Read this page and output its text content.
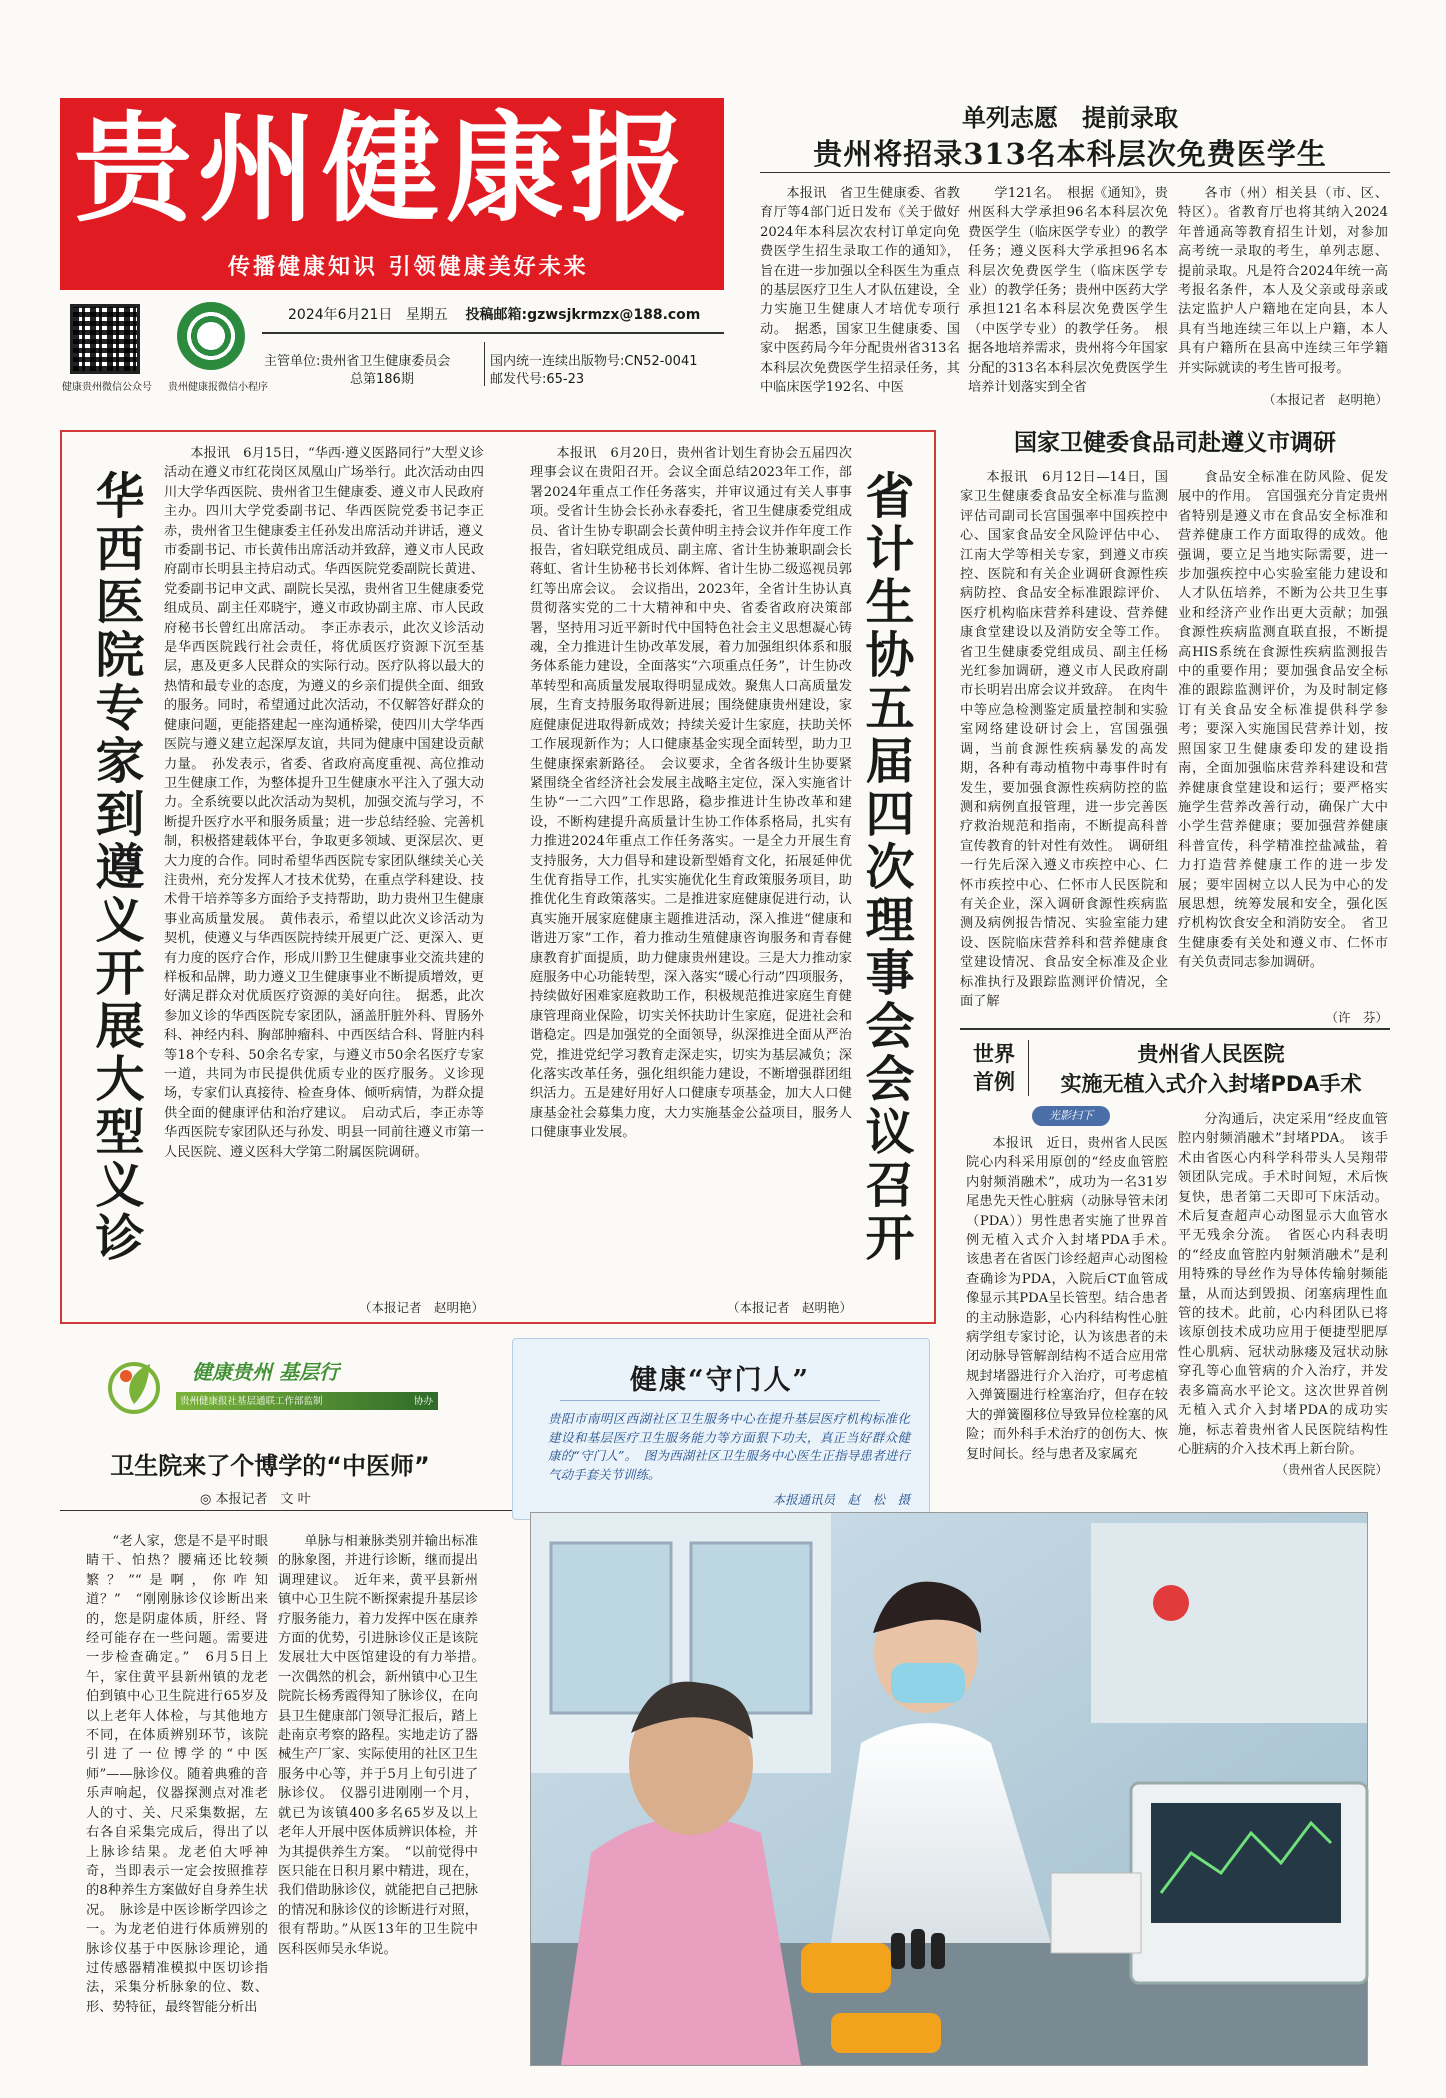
贵州健康报
传播健康知识 引领健康美好未来
健康贵州微信公众号 贵州健康报微信小程序
2024年6月21日 星期五 投稿邮箱:gzwsjkrmzx@188.com
主管单位:贵州省卫生健康委员会
总第186期
国内统一连续出版物号:CN52-0041
邮发代号:65-23
单列志愿　提前录取
贵州将招录313名本科层次免费医学生

本报讯　省卫生健康委、省教育厅等4部门近日发布《关于做好2024年本科层次农村订单定向免费医学生招生录取工作的通知》，旨在进一步加强以全科医生为重点的基层医疗卫生人才队伍建设，全力实施卫生健康人才培优专项行动。　据悉，国家卫生健康委、国家中医药局今年分配贵州省313名本科层次免费医学生招录任务，其中临床医学192名、中医

学121名。　根据《通知》，贵州医科大学承担96名本科层次免费医学生（临床医学专业）的教学任务；遵义医科大学承担96名本科层次免费医学生（临床医学专业）的教学任务；贵州中医药大学承担121名本科层次免费医学生（中医学专业）的教学任务。　根据各地培养需求，贵州将今年国家分配的313名本科层次免费医学生培养计划落实到全省

各市（州）相关县（市、区、特区）。省教育厅也将其纳入2024年普通高等教育招生计划，对参加高考统一录取的考生，单列志愿、提前录取。凡是符合2024年统一高考报名条件，本人及父亲或母亲或法定监护人户籍地在定向县，本人具有当地连续三年以上户籍，本人具有户籍所在县高中连续三年学籍并实际就读的考生皆可报考。

（本报记者　赵明艳）
华西医院专家到遵义开展大型义诊

本报讯　6月15日，“华西·遵义医路同行”大型义诊活动在遵义市红花岗区凤凰山广场举行。此次活动由四川大学华西医院、贵州省卫生健康委、遵义市人民政府主办。四川大学党委副书记、华西医院党委书记李正赤，贵州省卫生健康委主任孙发出席活动并讲话，遵义市委副书记、市长黄伟出席活动并致辞，遵义市人民政府副市长明县主持启动式。华西医院党委副院长黄进、党委副书记申文武、副院长吴泓，贵州省卫生健康委党组成员、副主任邓晓宇，遵义市政协副主席、市人民政府秘书长曾红出席活动。　李正赤表示，此次义诊活动是华西医院践行社会责任，将优质医疗资源下沉至基层，惠及更多人民群众的实际行动。医疗队将以最大的热情和最专业的态度，为遵义的乡亲们提供全面、细致的服务。同时，希望通过此次活动，不仅解答好群众的健康问题，更能搭建起一座沟通桥梁，使四川大学华西医院与遵义建立起深厚友谊，共同为健康中国建设贡献力量。　孙发表示，省委、省政府高度重视、高位推动卫生健康工作，为整体提升卫生健康水平注入了强大动力。全系统要以此次活动为契机，加强交流与学习，不断提升医疗水平和服务质量；进一步总结经验、完善机制，积极搭建载体平台，争取更多领域、更深层次、更大力度的合作。同时希望华西医院专家团队继续关心关注贵州，充分发挥人才技术优势，在重点学科建设、技术骨干培养等多方面给予支持帮助，助力贵州卫生健康事业高质量发展。　黄伟表示，希望以此次义诊活动为契机，使遵义与华西医院持续开展更广泛、更深入、更有力度的医疗合作，形成川黔卫生健康事业交流共建的样板和品牌，助力遵义卫生健康事业不断提质增效，更好满足群众对优质医疗资源的美好向往。　据悉，此次参加义诊的华西医院专家团队，涵盖肝脏外科、胃肠外科、神经内科、胸部肿瘤科、中西医结合科、肾脏内科等18个专科、50余名专家，与遵义市50余名医疗专家一道，共同为市民提供优质专业的医疗服务。义诊现场，专家们认真接待、检查身体、倾听病情，为群众提供全面的健康评估和治疗建议。　启动式后，李正赤等华西医院专家团队还与孙发、明县一同前往遵义市第一人民医院、遵义医科大学第二附属医院调研。

（本报记者　赵明艳）

本报讯　6月20日，贵州省计划生育协会五届四次理事会议在贵阳召开。会议全面总结2023年工作，部署2024年重点工作任务落实，并审议通过有关人事事项。受省计生协会长孙永春委托，省卫生健康委党组成员、省计生协专职副会长黄仲明主持会议并作年度工作报告，省妇联党组成员、副主席、省计生协兼职副会长蒋虹、省计生协秘书长刘体辉、省计生协二级巡视员郭红等出席会议。　会议指出，2023年，全省计生协认真贯彻落实党的二十大精神和中央、省委省政府决策部署，坚持用习近平新时代中国特色社会主义思想凝心铸魂，全力推进计生协改革发展，着力加强组织体系和服务体系能力建设，全面落实“六项重点任务”，计生协改革转型和高质量发展取得明显成效。聚焦人口高质量发展，生育支持服务取得新进展；围绕健康贵州建设，家庭健康促进取得新成效；持续关爱计生家庭，扶助关怀工作展现新作为；人口健康基金实现全面转型，助力卫生健康探索新路径。　会议要求，全省各级计生协要紧紧围绕全省经济社会发展主战略主定位，深入实施省计生协“一二六四”工作思路，稳步推进计生协改革和建设，不断构建提升高质量计生协工作体系格局，扎实有力推进2024年重点工作任务落实。一是全力开展生育支持服务，大力倡导和建设新型婚育文化，拓展延伸优生优育指导工作，扎实实施优化生育政策服务项目，助推优化生育政策落实。二是推进家庭健康促进行动，认真实施开展家庭健康主题推进活动，深入推进“健康和谐进万家”工作，着力推动生殖健康咨询服务和青春健康教育扩面提质，助力健康贵州建设。三是大力推动家庭服务中心功能转型，深入落实“暖心行动”四项服务，持续做好困难家庭救助工作，积极规范推进家庭生育健康管理商业保险，切实关怀扶助计生家庭，促进社会和谐稳定。四是加强党的全面领导，纵深推进全面从严治党，推进党纪学习教育走深走实，切实为基层减负；深化落实改革任务，强化组织能力建设，不断增强群团组织活力。五是建好用好人口健康专项基金，加大人口健康基金社会募集力度，大力实施基金公益项目，服务人口健康事业发展。

（本报记者　赵明艳）
省计生协五届四次理事会会议召开
国家卫健委食品司赴遵义市调研

本报讯　6月12日—14日，国家卫生健康委食品安全标准与监测评估司副司长宫国强率中国疾控中心、国家食品安全风险评估中心、江南大学等相关专家，到遵义市疾控、医院和有关企业调研食源性疾病防控、食品安全标准跟踪评价、医疗机构临床营养科建设、营养健康食堂建设以及消防安全等工作。省卫生健康委党组成员、副主任杨光红参加调研，遵义市人民政府副市长明岩出席会议并致辞。　在肉牛中等应急检测鉴定质量控制和实验室网络建设研讨会上，宫国强强调，当前食源性疾病暴发的高发期，各种有毒动植物中毒事件时有发生，要加强食源性疾病防控的监测和病例直报管理，进一步完善医疗救治规范和指南，不断提高科普宣传教育的针对性有效性。　调研组一行先后深入遵义市疾控中心、仁怀市疾控中心、仁怀市人民医院和有关企业，深入调研食源性疾病监测及病例报告情况、实验室能力建设、医院临床营养科和营养健康食堂建设情况、食品安全标准及企业标准执行及跟踪监测评价情况，全面了解

食品安全标准在防风险、促发展中的作用。　宫国强充分肯定贵州省特别是遵义市在食品安全标准和营养健康工作方面取得的成效。他强调，要立足当地实际需要，进一步加强疾控中心实验室能力建设和人才队伍培养，不断为公共卫生事业和经济产业作出更大贡献；加强食源性疾病监测直联直报，不断提高HIS系统在食源性疾病监测报告中的重要作用；要加强食品安全标准的跟踪监测评价，为及时制定修订有关食品安全标准提供科学参考；要深入实施国民营养计划，按照国家卫生健康委印发的建设指南，全面加强临床营养科建设和营养健康食堂建设和运行；要严格实施学生营养改善行动，确保广大中小学生营养健康；要加强营养健康科普宣传，科学精准控盐减盐，着力打造营养健康工作的进一步发展；要牢固树立以人民为中心的发展思想，统筹发展和安全，强化医疗机构饮食安全和消防安全。　省卫生健康委有关处和遵义市、仁怀市有关负责同志参加调研。

（许　芬）
世界
首例
贵州省人民医院
实施无植入式介入封堵PDA手术
光影扫下

本报讯　近日，贵州省人民医院心内科采用原创的“经皮血管腔内射频消融术”，成功为一名31岁尾患先天性心脏病（动脉导管未闭（PDA））男性患者实施了世界首例无植入式介入封堵PDA手术。　该患者在省医门诊经超声心动图检查确诊为PDA，入院后CT血管成像显示其PDA呈长管型。结合患者的主动脉造影，心内科结构性心脏病学组专家讨论，认为该患者的未闭动脉导管解剖结构不适合应用常规封堵器进行介入治疗，可考虑植入弹簧圈进行栓塞治疗，但存在较大的弹簧圈移位导致异位栓塞的风险；而外科手术治疗的创伤大、恢复时间长。经与患者及家属充

分沟通后，决定采用“经皮血管腔内射频消融术”封堵PDA。　该手术由省医心内科学科带头人吴翔带领团队完成。手术时间短，术后恢复快，患者第二天即可下床活动。术后复查超声心动图显示大血管水平无残余分流。　省医心内科表明的“经皮血管腔内射频消融术”是利用特殊的导丝作为导体传输射频能量，从而达到毁损、闭塞病理性血管的技术。此前，心内科团队已将该原创技术成功应用于便捷型肥厚性心肌病、冠状动脉瘘及冠状动脉穿孔等心血管病的介入治疗，并发表多篇高水平论文。这次世界首例无植入式介入封堵PDA的成功实施，标志着贵州省人民医院结构性心脏病的介入技术再上新台阶。

（贵州省人民医院）
健康贵州 基层行
贵州健康报社基层通联工作部监制	协办
卫生院来了个博学的“中医师”
◎ 本报记者　文 叶

“老人家，您是不是平时眼睛干、怕热？腰痛还比较频繁？”“是啊，你咋知道？”　“刚刚脉诊仪诊断出来的，您是阴虚体质，肝经、肾经可能存在一些问题。需要进一步检查确定。”　6月5日上午，家住黄平县新州镇的龙老伯到镇中心卫生院进行65岁及以上老年人体检，与其他地方不同，在体质辨别环节，该院引进了一位博学的“中医师”——脉诊仪。随着典雅的音乐声响起，仪器探测点对准老人的寸、关、尺采集数据，左右各自采集完成后，得出了以上脉诊结果。龙老伯大呼神奇，当即表示一定会按照推荐的8种养生方案做好自身养生状况。　脉诊是中医诊断学四诊之一。为龙老伯进行体质辨别的脉诊仪基于中医脉诊理论，通过传感器精准模拟中医切诊指法，采集分析脉象的位、数、形、势特征，最终智能分析出

单脉与相兼脉类别并输出标准的脉象图，并进行诊断，继而提出调理建议。　近年来，黄平县新州镇中心卫生院不断探索提升基层诊疗服务能力，着力发挥中医在康养方面的优势，引进脉诊仪正是该院发展壮大中医馆建设的有力举措。　一次偶然的机会，新州镇中心卫生院院长杨秀霞得知了脉诊仪，在向县卫生健康部门领导汇报后，踏上赴南京考察的路程。实地走访了器械生产厂家、实际使用的社区卫生服务中心等，并于5月上旬引进了脉诊仪。　仪器引进刚刚一个月，就已为该镇400多名65岁及以上老年人开展中医体质辨识体检，并为其提供养生方案。　“以前觉得中医只能在日积月累中精进，现在，我们借助脉诊仪，就能把自己把脉的情况和脉诊仪的诊断进行对照，很有帮助。”从医13年的卫生院中医科医师吴永华说。

健康“守门人”
贵阳市南明区西湖社区卫生服务中心在提升基层医疗机构标准化建设和基层医疗卫生服务能力等方面狠下功夫，真正当好群众健康的“守门人”。　图为西湖社区卫生服务中心医生正指导患者进行气动手套关节训练。
本报通讯员　赵　松　摄
